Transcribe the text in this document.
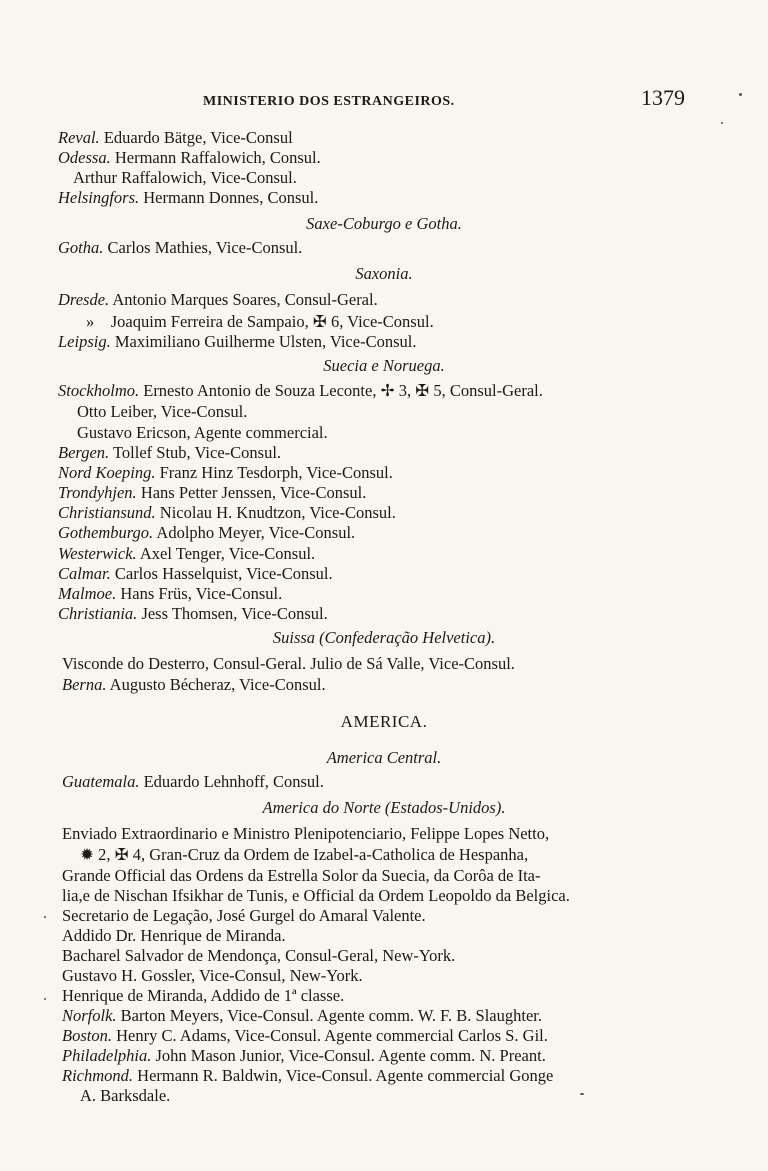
MINISTERIO DOS ESTRANGEIROS.	1379
Reval. Eduardo Bätge, Vice-Consul
Odessa. Hermann Raffalowich, Consul.
Arthur Raffalowich, Vice-Consul.
Helsingfors. Hermann Donnes, Consul.
Saxe-Coburgo e Gotha.
Gotha. Carlos Mathies, Vice-Consul.
Saxonia.
Dresde. Antonio Marques Soares, Consul-Geral.
» Joaquim Ferreira de Sampaio, ✠ 6, Vice-Consul.
Leipsig. Maximiliano Guilherme Ulsten, Vice-Consul.
Suecia e Noruega.
Stockholmo. Ernesto Antonio de Souza Leconte, ✢ 3, ✠ 5, Consul-Geral.
Otto Leiber, Vice-Consul.
Gustavo Ericson, Agente commercial.
Bergen. Tollef Stub, Vice-Consul.
Nord Koeping. Franz Hinz Tesdorph, Vice-Consul.
Trondyhjen. Hans Petter Jenssen, Vice-Consul.
Christiansund. Nicolau H. Knudtzon, Vice-Consul.
Gothemburgo. Adolpho Meyer, Vice-Consul.
Westerwick. Axel Tenger, Vice-Consul.
Calmar. Carlos Hasselquist, Vice-Consul.
Malmoe. Hans Früs, Vice-Consul.
Christiania. Jess Thomsen, Vice-Consul.
Suissa (Confederação Helvetica).
Visconde do Desterro, Consul-Geral. Julio de Sá Valle, Vice-Consul.
Berna. Augusto Bécheraz, Vice-Consul.
AMERICA.
America Central.
Guatemala. Eduardo Lehnhoff, Consul.
America do Norte (Estados-Unidos).
Enviado Extraordinario e Ministro Plenipotenciario, Felippe Lopes Netto,
✹ 2, ✠ 4, Gran-Cruz da Ordem de Izabel-a-Catholica de Hespanha,
Grande Official das Ordens da Estrella Solor da Suecia, da Corôa de Ita-
lia,e de Nischan Ifsikhar de Tunis, e Official da Ordem Leopoldo da Belgica.
Secretario de Legação, José Gurgel do Amaral Valente.
Addido Dr. Henrique de Miranda.
Bacharel Salvador de Mendonça, Consul-Geral, New-York.
Gustavo H. Gossler, Vice-Consul, New-York.
Henrique de Miranda, Addido de 1ª classe.
Norfolk. Barton Meyers, Vice-Consul. Agente comm. W. F. B. Slaughter.
Boston. Henry C. Adams, Vice-Consul. Agente commercial Carlos S. Gil.
Philadelphia. John Mason Junior, Vice-Consul. Agente comm. N. Preant.
Richmond. Hermann R. Baldwin, Vice-Consul. Agente commercial Gonge
A. Barksdale.
